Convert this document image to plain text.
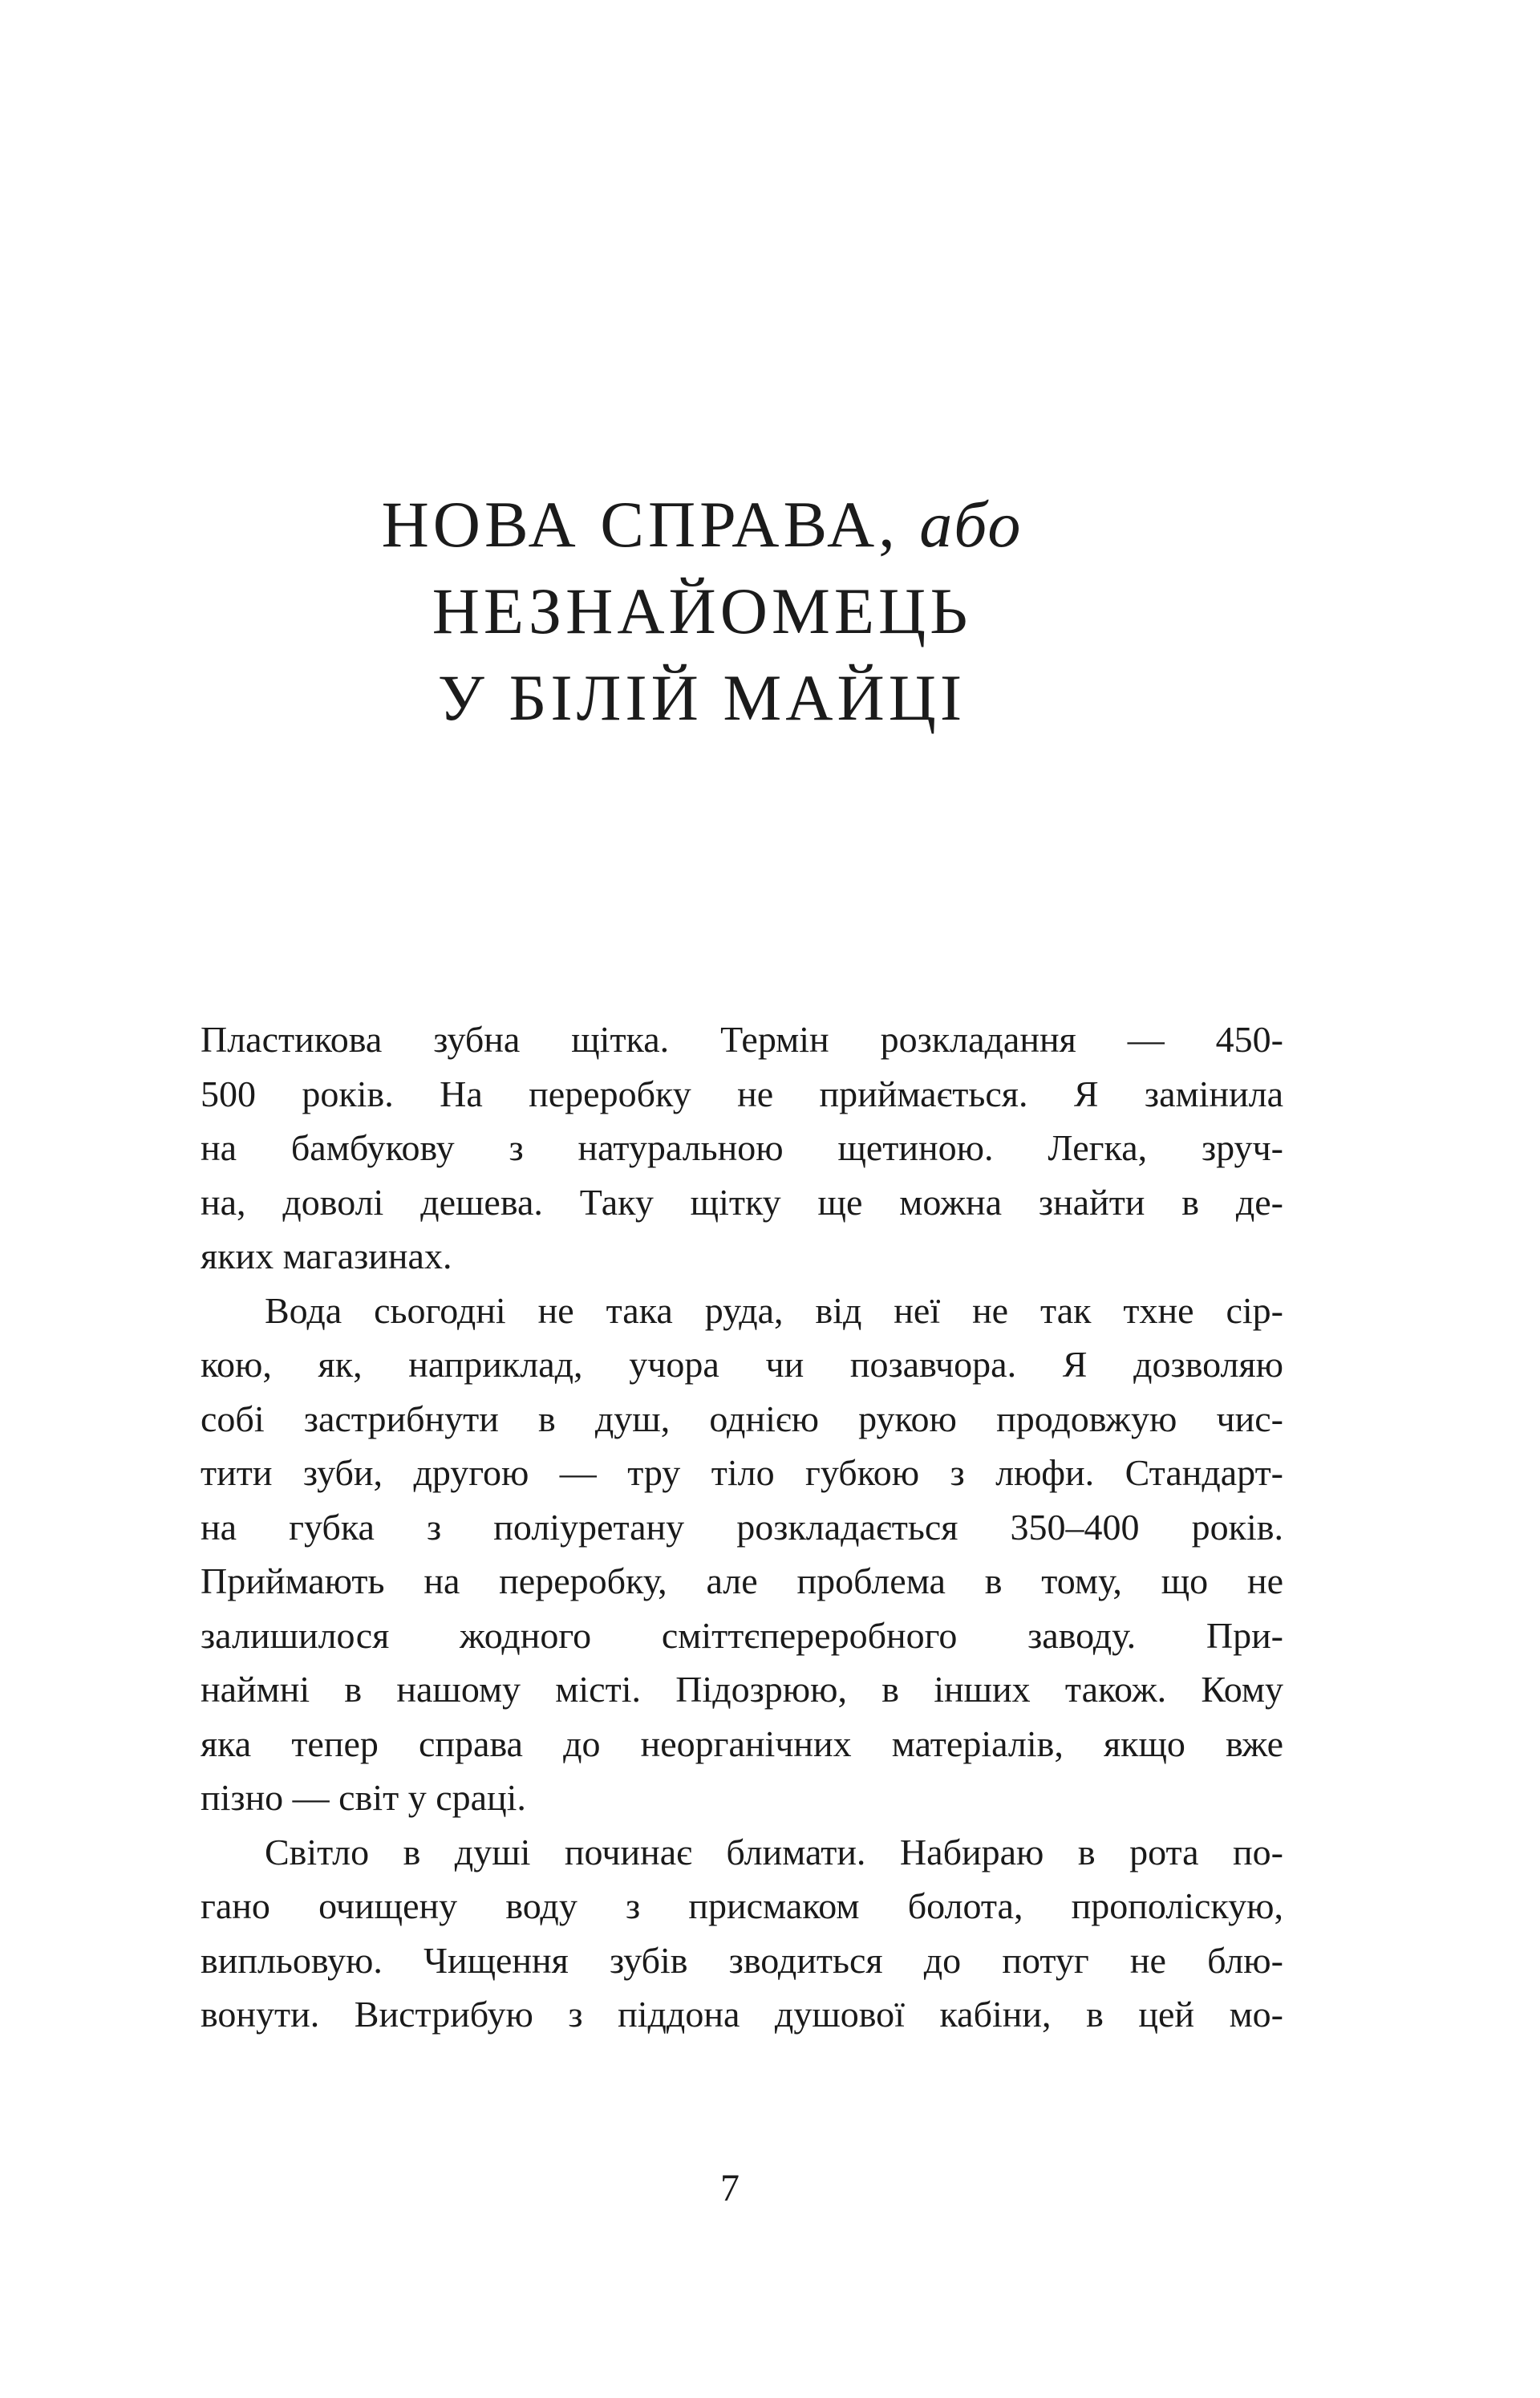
НОВА СПРАВА, або
НЕЗНАЙОМЕЦЬ
У БІЛІЙ МАЙЦІ
Пластикова зубна щітка. Термін розкладання — 450-
500 років. На переробку не приймається. Я замінила
на бамбукову з натуральною щетиною. Легка, зруч-
на, доволі дешева. Таку щітку ще можна знайти в де-
яких магазинах.
Вода сьогодні не така руда, від неї не так тхне сір-
кою, як, наприклад, учора чи позавчора. Я дозволяю
собі застрибнути в душ, однією рукою продовжую чис-
тити зуби, другою — тру тіло губкою з люфи. Стандарт-
на губка з поліуретану розкладається 350–400 років.
Приймають на переробку, але проблема в тому, що не
залишилося жодного сміттєпереробного заводу. При-
наймні в нашому місті. Підозрюю, в інших також. Кому
яка тепер справа до неорганічних матеріалів, якщо вже
пізно — світ у сраці.
Світло в душі починає блимати. Набираю в рота по-
гано очищену воду з присмаком болота, прополіскую,
випльовую. Чищення зубів зводиться до потуг не блю-
вонути. Вистрибую з піддона душової кабіни, в цей мо-
7
